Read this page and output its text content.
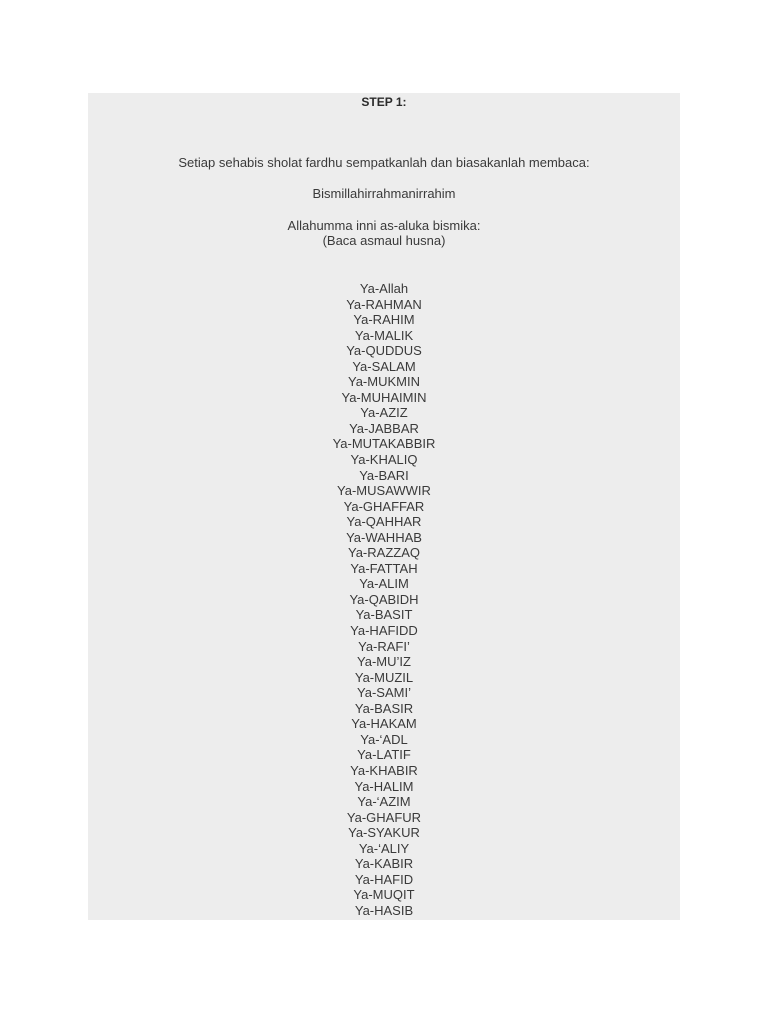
STEP 1:
Setiap sehabis sholat fardhu sempatkanlah dan biasakanlah membaca:
Bismillahirrahmanirrahim
Allahumma inni as-aluka bismika:
(Baca asmaul husna)
Ya-Allah
Ya-RAHMAN
Ya-RAHIM
Ya-MALIK
Ya-QUDDUS
Ya-SALAM
Ya-MUKMIN
Ya-MUHAIMIN
Ya-AZIZ
Ya-JABBAR
Ya-MUTAKABBIR
Ya-KHALIQ
Ya-BARI
Ya-MUSAWWIR
Ya-GHAFFAR
Ya-QAHHAR
Ya-WAHHAB
Ya-RAZZAQ
Ya-FATTAH
Ya-ALIM
Ya-QABIDH
Ya-BASIT
Ya-HAFIDD
Ya-RAFI’
Ya-MU’IZ
Ya-MUZIL
Ya-SAMI’
Ya-BASIR
Ya-HAKAM
Ya-‘ADL
Ya-LATIF
Ya-KHABIR
Ya-HALIM
Ya-‘AZIM
Ya-GHAFUR
Ya-SYAKUR
Ya-‘ALIY
Ya-KABIR
Ya-HAFID
Ya-MUQIT
Ya-HASIB
